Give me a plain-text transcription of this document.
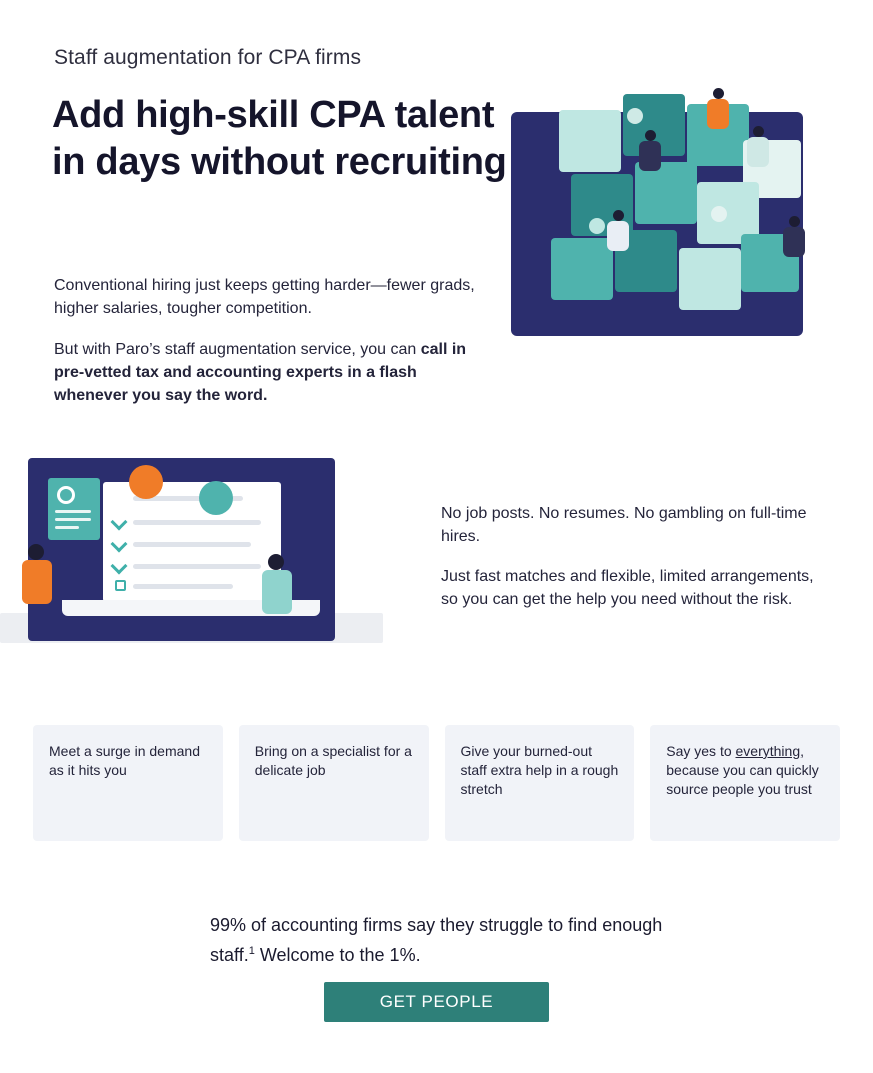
Staff augmentation for CPA firms
Add high-skill CPA talent in days without recruiting

Conventional hiring just keeps getting harder—fewer grads, higher salaries, tougher competition.

But with Paro’s staff augmentation service, you can call in pre-vetted tax and accounting experts in a flash whenever you say the word.

No job posts. No resumes. No gambling on full-time hires.

Just fast matches and flexible, limited arrangements, so you can get the help you need without the risk.

Meet a surge in demand as it hits you
Bring on a specialist for a delicate job
Give your burned-out staff extra help in a rough stretch
Say yes to everything, because you can quickly source people you trust

99% of accounting firms say they struggle to find enough staff.$^1$ Welcome to the 1%.

GET PEOPLE
